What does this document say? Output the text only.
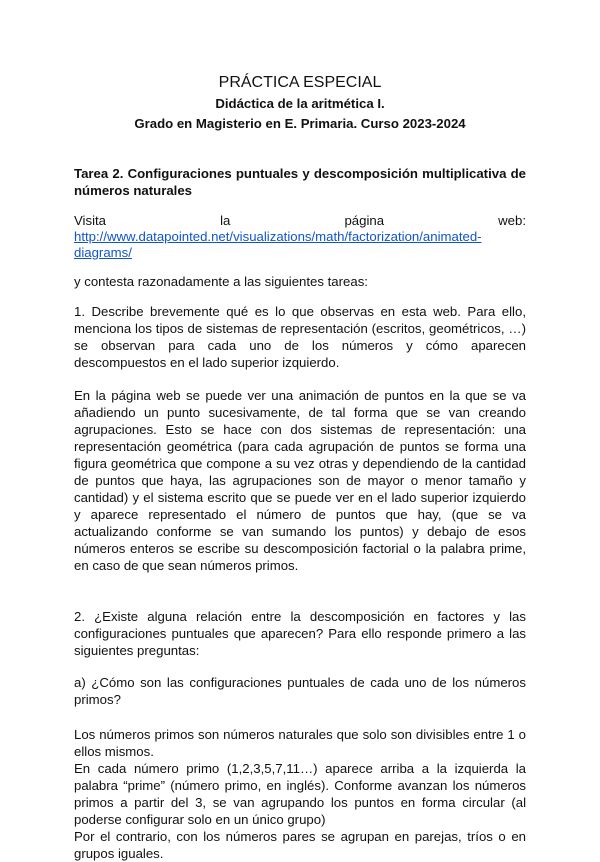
PRÁCTICA ESPECIAL
Didáctica de la aritmética I.
Grado en Magisterio en E. Primaria. Curso 2023-2024
Tarea 2. Configuraciones puntuales y descomposición multiplicativa de números naturales
Visita	la	página	web:
http://www.datapointed.net/visualizations/math/factorization/animated-diagrams/

y contesta razonadamente a las siguientes tareas:

1. Describe brevemente qué es lo que observas en esta web. Para ello, menciona los tipos de sistemas de representación (escritos, geométricos, …) se observan para cada uno de los números y cómo aparecen descompuestos en el lado superior izquierdo.

En la página web se puede ver una animación de puntos en la que se va añadiendo un punto sucesivamente, de tal forma que se van creando agrupaciones. Esto se hace con dos sistemas de representación: una representación geométrica (para cada agrupación de puntos se forma una figura geométrica que compone a su vez otras y dependiendo de la cantidad de puntos que haya, las agrupaciones son de mayor o menor tamaño y cantidad) y el sistema escrito que se puede ver en el lado superior izquierdo y aparece representado el número de puntos que hay, (que se va actualizando conforme se van sumando los puntos) y debajo de esos números enteros se escribe su descomposición factorial o la palabra prime, en caso de que sean números primos.

2. ¿Existe alguna relación entre la descomposición en factores y las configuraciones puntuales que aparecen? Para ello responde primero a las siguientes preguntas:

a) ¿Cómo son las configuraciones puntuales de cada uno de los números primos?

Los números primos son números naturales que solo son divisibles entre 1 o ellos mismos.

En cada número primo (1,2,3,5,7,11…) aparece arriba a la izquierda la palabra “prime” (número primo, en inglés). Conforme avanzan los números primos a partir del 3, se van agrupando los puntos en forma circular (al poderse configurar solo en un único grupo)

Por el contrario, con los números pares se agrupan en parejas, tríos o en grupos iguales.
